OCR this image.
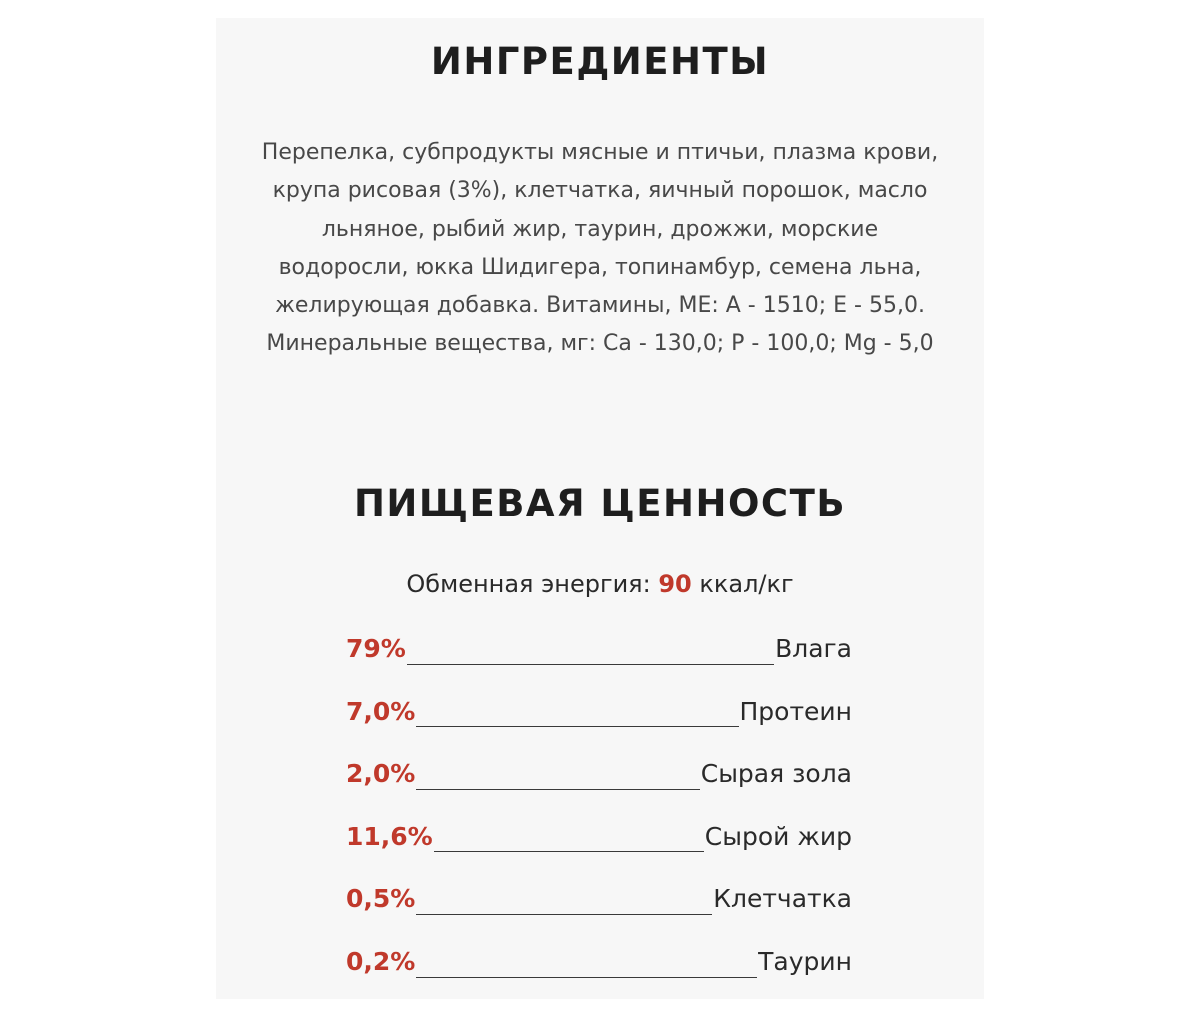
ИНГРЕДИЕНТЫ

Перепелка, субпродукты мясные и птичьи, плазма крови,
крупа рисовая (3%), клетчатка, яичный порошок, масло
льняное, рыбий жир, таурин, дрожжи, морские
водоросли, юкка Шидигера, топинамбур, семена льна,
желирующая добавка. Витамины, МЕ: А - 1510; Е - 55,0.
Минеральные вещества, мг: Ca - 130,0; P - 100,0; Mg - 5,0

ПИЩЕВАЯ ЦЕННОСТЬ

Обменная энергия: 90 ккал/кг

79%	Влага
7,0%	Протеин
2,0%	Сырая зола
11,6%	Сырой жир
0,5%	Клетчатка
0,2%	Таурин
